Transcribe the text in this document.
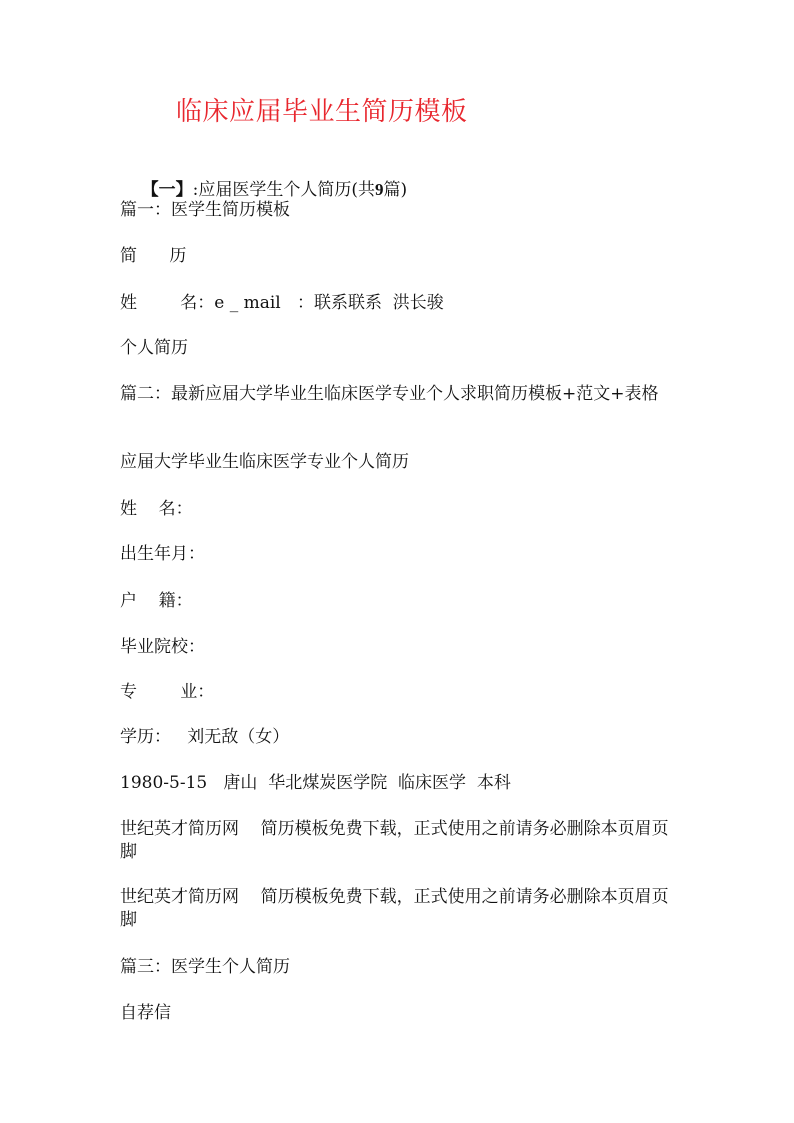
临床应届毕业生简历模板

【一】:应届医学生个人简历(共9篇)

篇一：医学生简历模板
简      历
姓        名：e _ mail   ：联系联系  洪长骏
个人简历
篇二：最新应届大学毕业生临床医学专业个人求职简历模板+范文+表格
应届大学毕业生临床医学专业个人简历
姓    名：
出生年月：
户    籍：
毕业院校：
专        业：
学历：   刘无敌（女）
1980-5-15   唐山  华北煤炭医学院  临床医学  本科
世纪英才简历网    简历模板免费下载，正式使用之前请务必删除本页眉页脚
世纪英才简历网    简历模板免费下载，正式使用之前请务必删除本页眉页脚
篇三：医学生个人简历
自荐信
